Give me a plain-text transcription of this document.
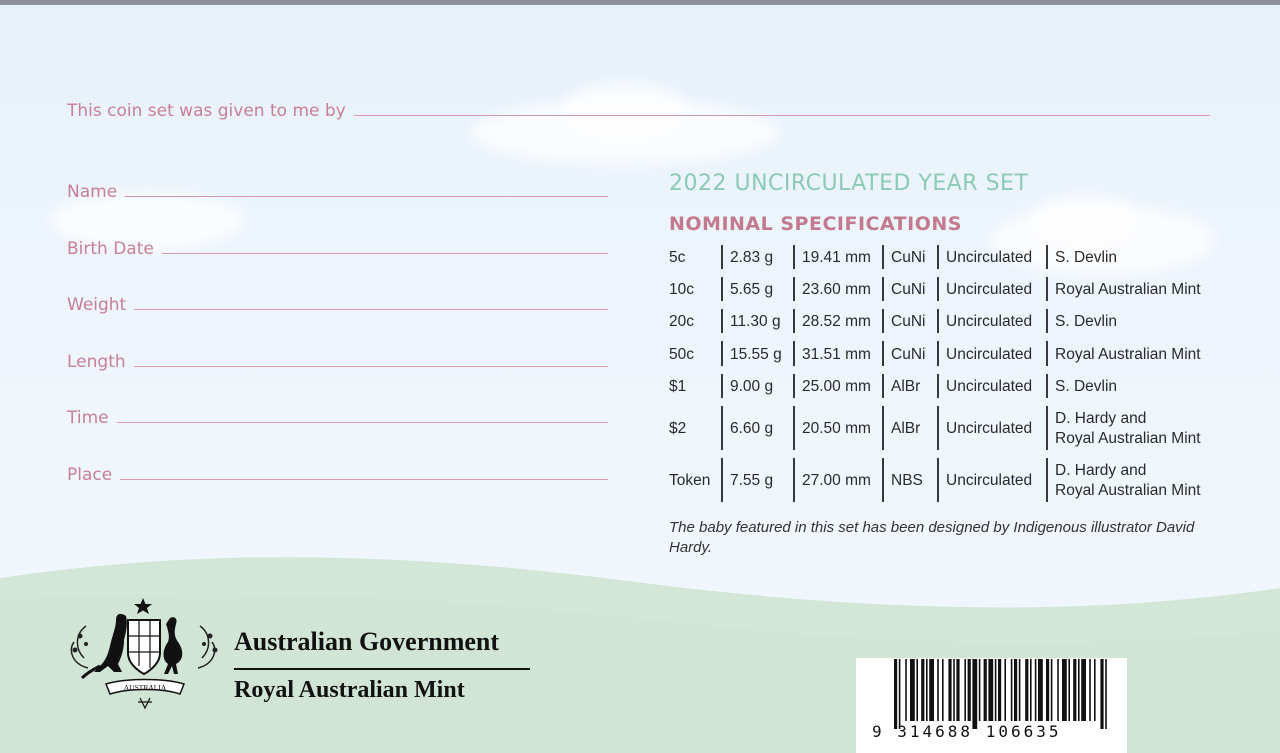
This coin set was given to me by
Name
Birth Date
Weight
Length
Time
Place
2022 UNCIRCULATED YEAR SET
NOMINAL SPECIFICATIONS
5c	2.83 g 19.41 mm CuNi Uncirculated S. Devlin
10c 5.65 g 23.60 mm CuNi Uncirculated Royal Australian Mint
20c 11.30 g 28.52 mm CuNi Uncirculated S. Devlin
50c 15.55 g 31.51 mm CuNi Uncirculated Royal Australian Mint
$1	9.00 g 25.00 mm AlBr Uncirculated S. Devlin
$2	6.60 g 20.50 mm AlBr Uncirculated
D. Hardy and
Royal Australian Mint
Token 7.55 g 27.00 mm NBS Uncirculated
D. Hardy and
Royal Australian Mint
The baby featured in this set has been designed by Indigenous illustrator David Hardy.
AUSTRALIA
Australian Government
Royal Australian Mint
9 314688 106635
